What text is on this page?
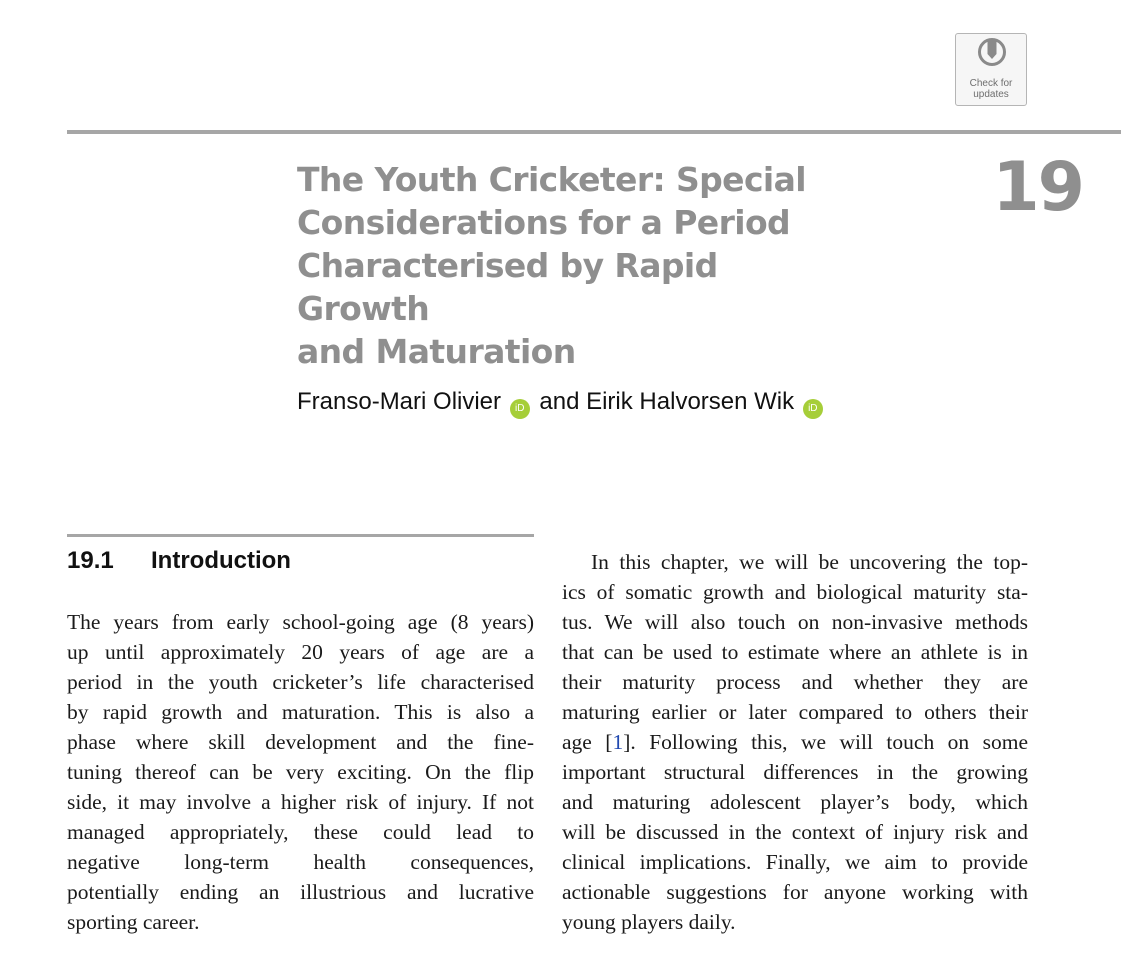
Check for
updates
The Youth Cricketer: Special
Considerations for a Period
Characterised by Rapid Growth
and Maturation
19
Franso-Mari Olivier iD and Eirik Halvorsen Wik iD
19.1 Introduction
The years from early school-going age (8 years)
up until approximately 20 years of age are a
period in the youth cricketer’s life characterised
by rapid growth and maturation. This is also a
phase where skill development and the fine-
tuning thereof can be very exciting. On the flip
side, it may involve a higher risk of injury. If not
managed appropriately, these could lead to
negative long-term health consequences,
potentially ending an illustrious and lucrative
sporting career.
In this chapter, we will be uncovering the top-
ics of somatic growth and biological maturity sta-
tus. We will also touch on non-invasive methods
that can be used to estimate where an athlete is in
their maturity process and whether they are
maturing earlier or later compared to others their
age [1]. Following this, we will touch on some
important structural differences in the growing
and maturing adolescent player’s body, which
will be discussed in the context of injury risk and
clinical implications. Finally, we aim to provide
actionable suggestions for anyone working with
young players daily.
